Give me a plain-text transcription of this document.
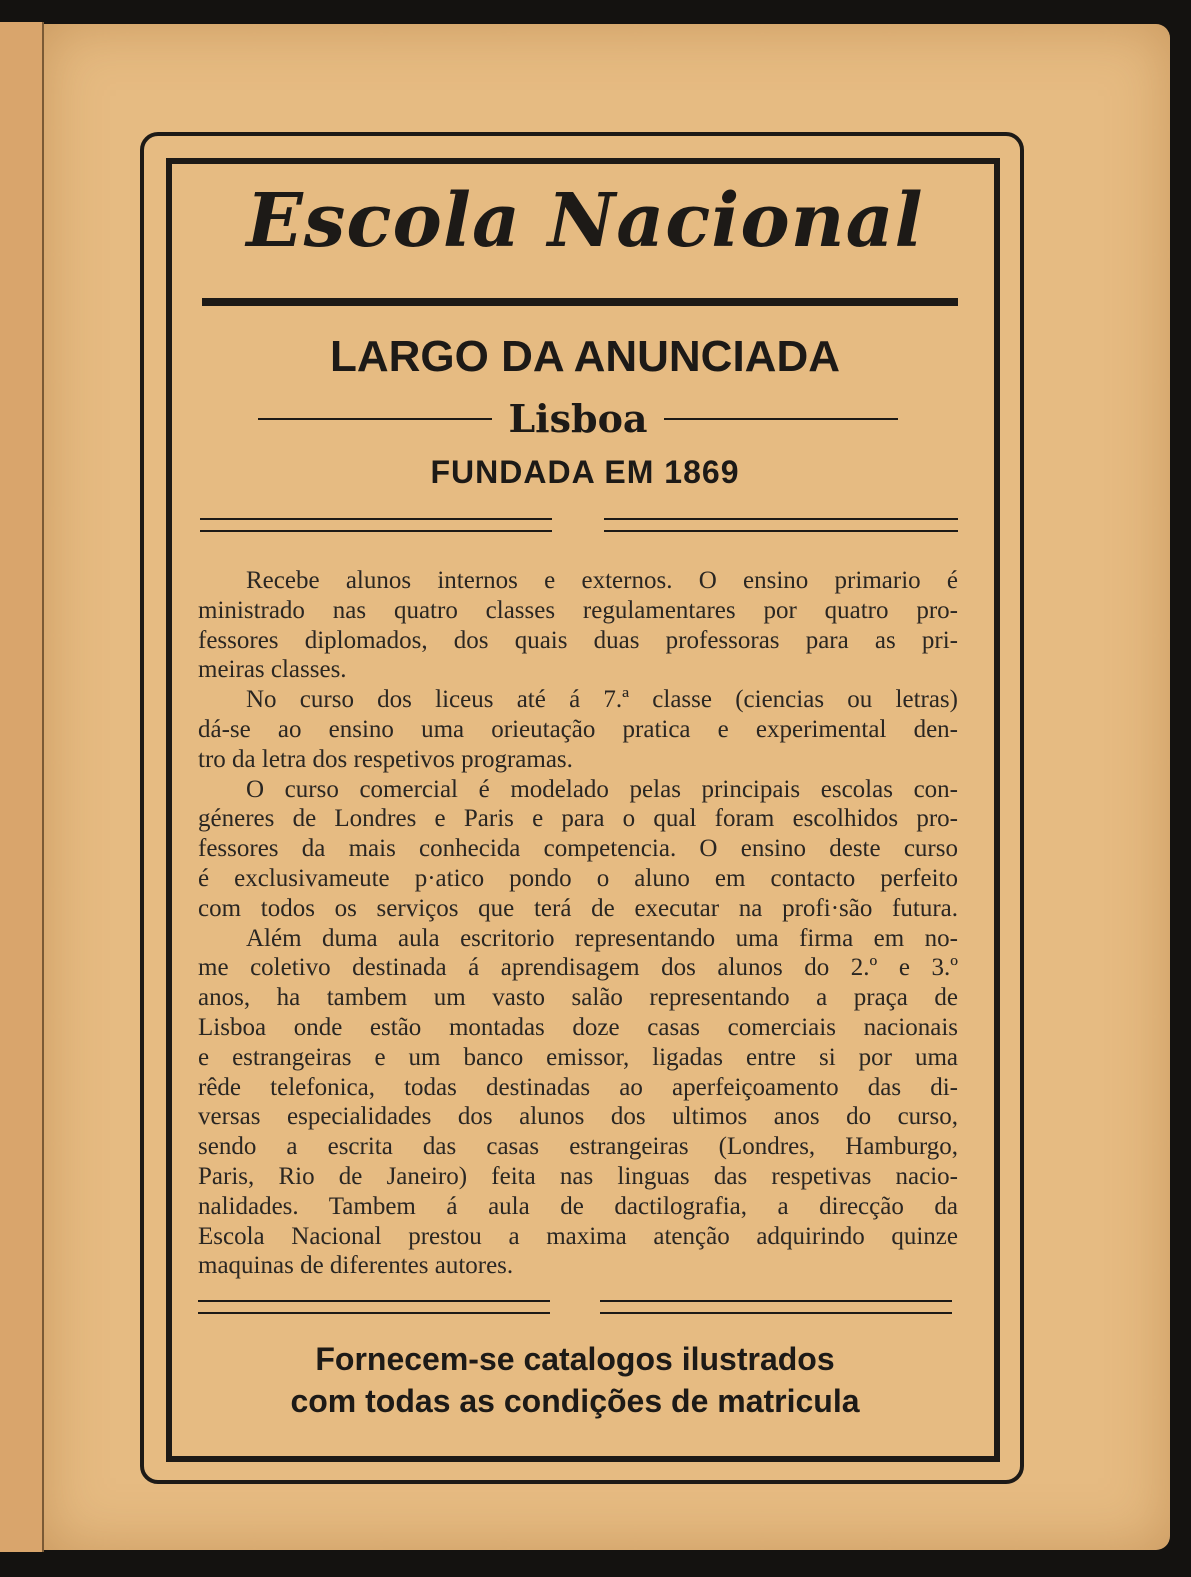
Escola Nacional
LARGO DA ANUNCIADA
Lisboa
FUNDADA EM 1869
Recebe alunos internos e externos. O ensino primario é
ministrado nas quatro classes regulamentares por quatro pro-
fessores diplomados, dos quais duas professoras para as pri-
meiras classes.
No curso dos liceus até á 7.ª classe (ciencias ou letras)
dá-se ao ensino uma orieutação pratica e experimental den-
tro da letra dos respetivos programas.
O curso comercial é modelado pelas principais escolas con-
géneres de Londres e Paris e para o qual foram escolhidos pro-
fessores da mais conhecida competencia. O ensino deste curso
é exclusivameute p·atico pondo o aluno em contacto perfeito
com todos os serviços que terá de executar na profi·são futura.
Além duma aula escritorio representando uma firma em no-
me coletivo destinada á aprendisagem dos alunos do 2.º e 3.º
anos, ha tambem um vasto salão representando a praça de
Lisboa onde estão montadas doze casas comerciais nacionais
e estrangeiras e um banco emissor, ligadas entre si por uma
rêde telefonica, todas destinadas ao aperfeiçoamento das di-
versas especialidades dos alunos dos ultimos anos do curso,
sendo a escrita das casas estrangeiras (Londres, Hamburgo,
Paris, Rio de Janeiro) feita nas linguas das respetivas nacio-
nalidades. Tambem á aula de dactilografia, a direcção da
Escola Nacional prestou a maxima atenção adquirindo quinze
maquinas de diferentes autores.
Fornecem-se catalogos ilustrados
com todas as condições de matricula
